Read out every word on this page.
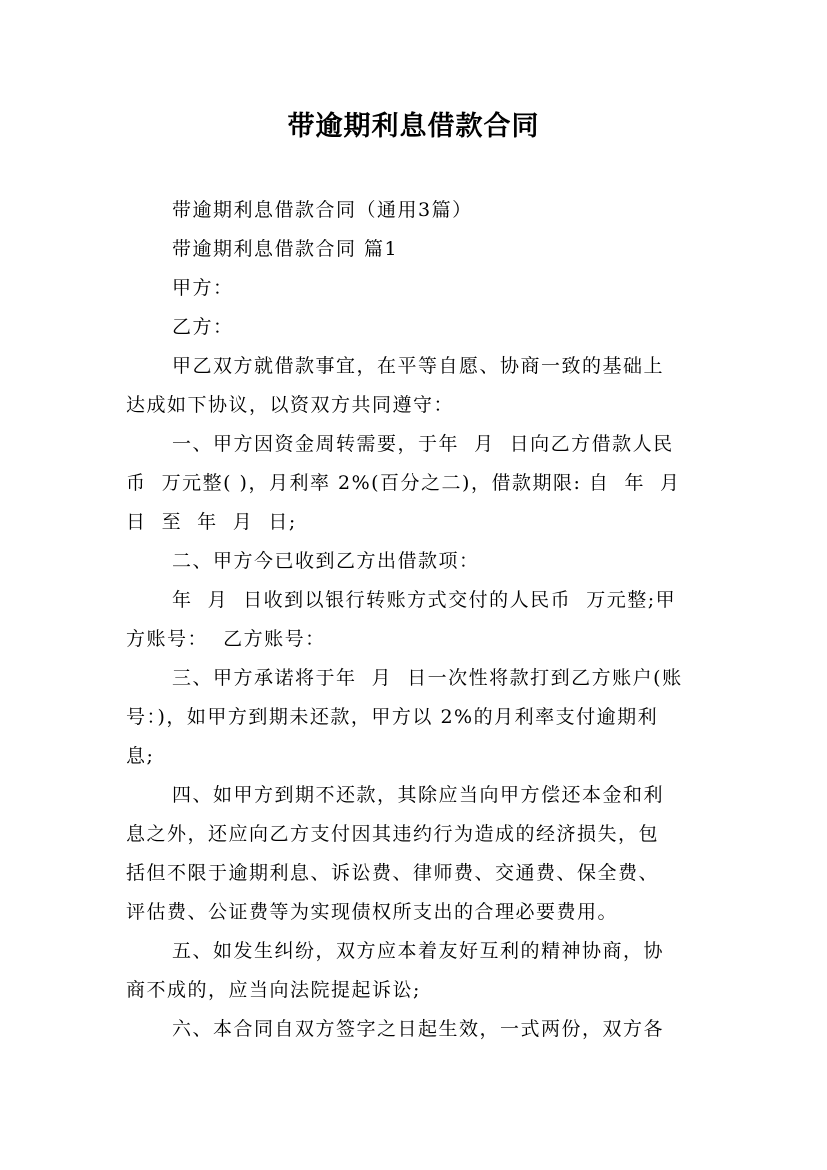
带逾期利息借款合同
带逾期利息借款合同（通用3篇）
带逾期利息借款合同 篇1
甲方：
乙方：
甲乙双方就借款事宜，在平等自愿、协商一致的基础上
达成如下协议，以资双方共同遵守：
一、甲方因资金周转需要，于年  月  日向乙方借款人民
币  万元整( )，月利率 2%(百分之二)，借款期限: 自  年  月
日  至  年  月  日;
二、甲方今已收到乙方出借款项：
年  月  日收到以银行转账方式交付的人民币  万元整;甲
方账号：  乙方账号：
三、甲方承诺将于年  月  日一次性将款打到乙方账户(账
号：)，如甲方到期未还款，甲方以 2%的月利率支付逾期利
息;
四、如甲方到期不还款，其除应当向甲方偿还本金和利
息之外，还应向乙方支付因其违约行为造成的经济损失，包
括但不限于逾期利息、诉讼费、律师费、交通费、保全费、
评估费、公证费等为实现债权所支出的合理必要费用。
五、如发生纠纷，双方应本着友好互利的精神协商，协
商不成的，应当向法院提起诉讼;
六、本合同自双方签字之日起生效，一式两份，双方各
